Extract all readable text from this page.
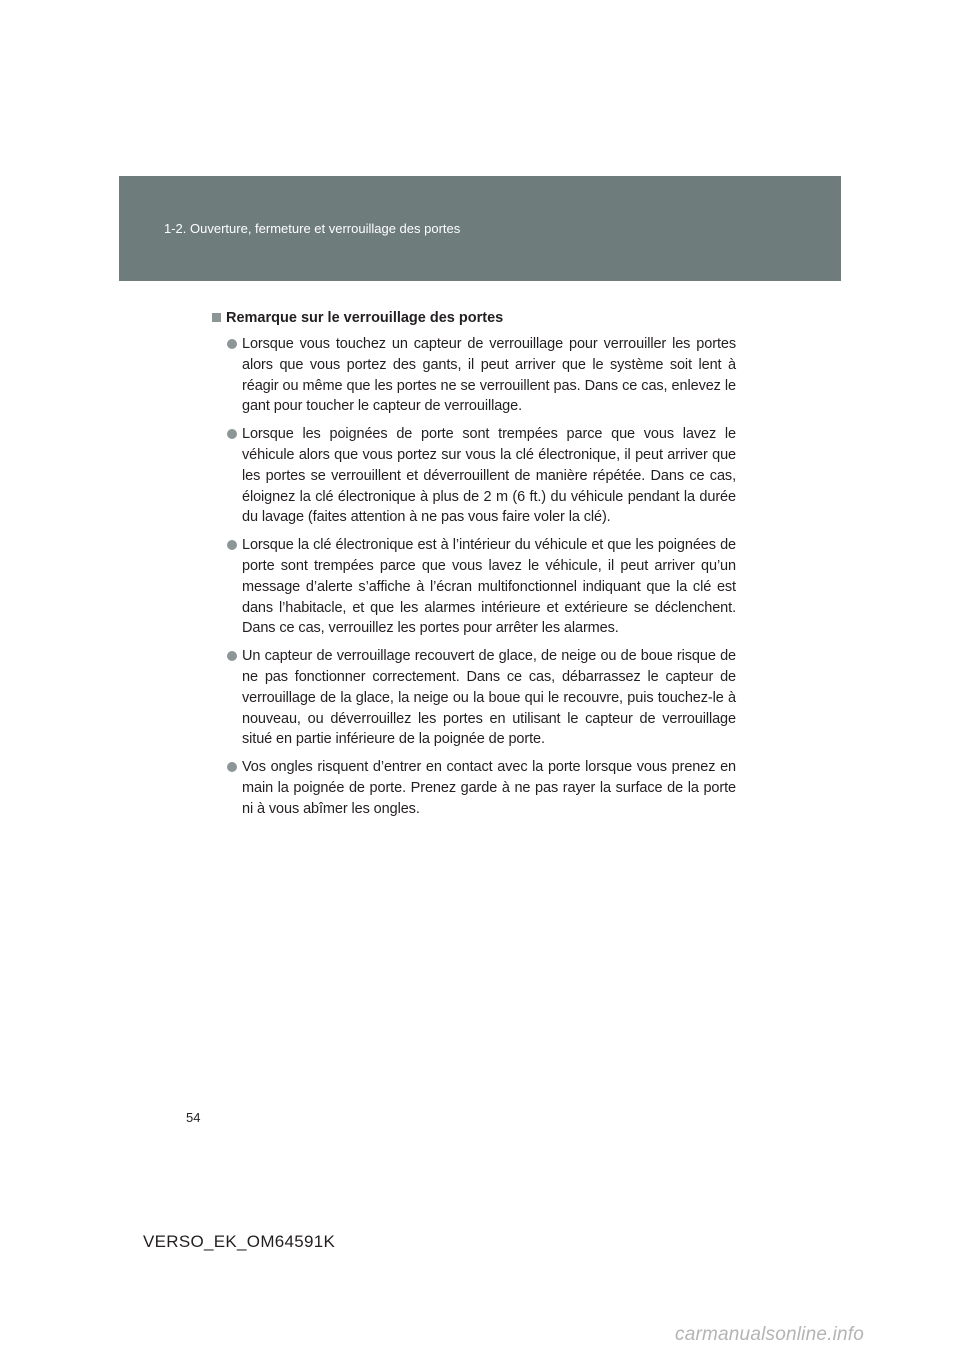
1-2. Ouverture, fermeture et verrouillage des portes
Remarque sur le verrouillage des portes
Lorsque vous touchez un capteur de verrouillage pour verrouiller les portes alors que vous portez des gants, il peut arriver que le système soit lent à réagir ou même que les portes ne se verrouillent pas. Dans ce cas, enlevez le gant pour toucher le capteur de verrouillage.
Lorsque les poignées de porte sont trempées parce que vous lavez le véhicule alors que vous portez sur vous la clé électronique, il peut arriver que les portes se verrouillent et déverrouillent de manière répétée. Dans ce cas, éloignez la clé électronique à plus de 2 m (6 ft.) du véhicule pendant la durée du lavage (faites attention à ne pas vous faire voler la clé).
Lorsque la clé électronique est à l’intérieur du véhicule et que les poignées de porte sont trempées parce que vous lavez le véhicule, il peut arriver qu’un message d’alerte s’affiche à l’écran multifonctionnel indiquant que la clé est dans l’habitacle, et que les alarmes intérieure et extérieure se déclenchent. Dans ce cas, verrouillez les portes pour arrêter les alarmes.
Un capteur de verrouillage recouvert de glace, de neige ou de boue risque de ne pas fonctionner correctement. Dans ce cas, débarrassez le capteur de verrouillage de la glace, la neige ou la boue qui le recouvre, puis touchez-le à nouveau, ou déverrouillez les portes en utilisant le capteur de verrouillage situé en partie inférieure de la poignée de porte.
Vos ongles risquent d’entrer en contact avec la porte lorsque vous prenez en main la poignée de porte. Prenez garde à ne pas rayer la surface de la porte ni à vous abîmer les ongles.
54
VERSO_EK_OM64591K
carmanualsonline.info
